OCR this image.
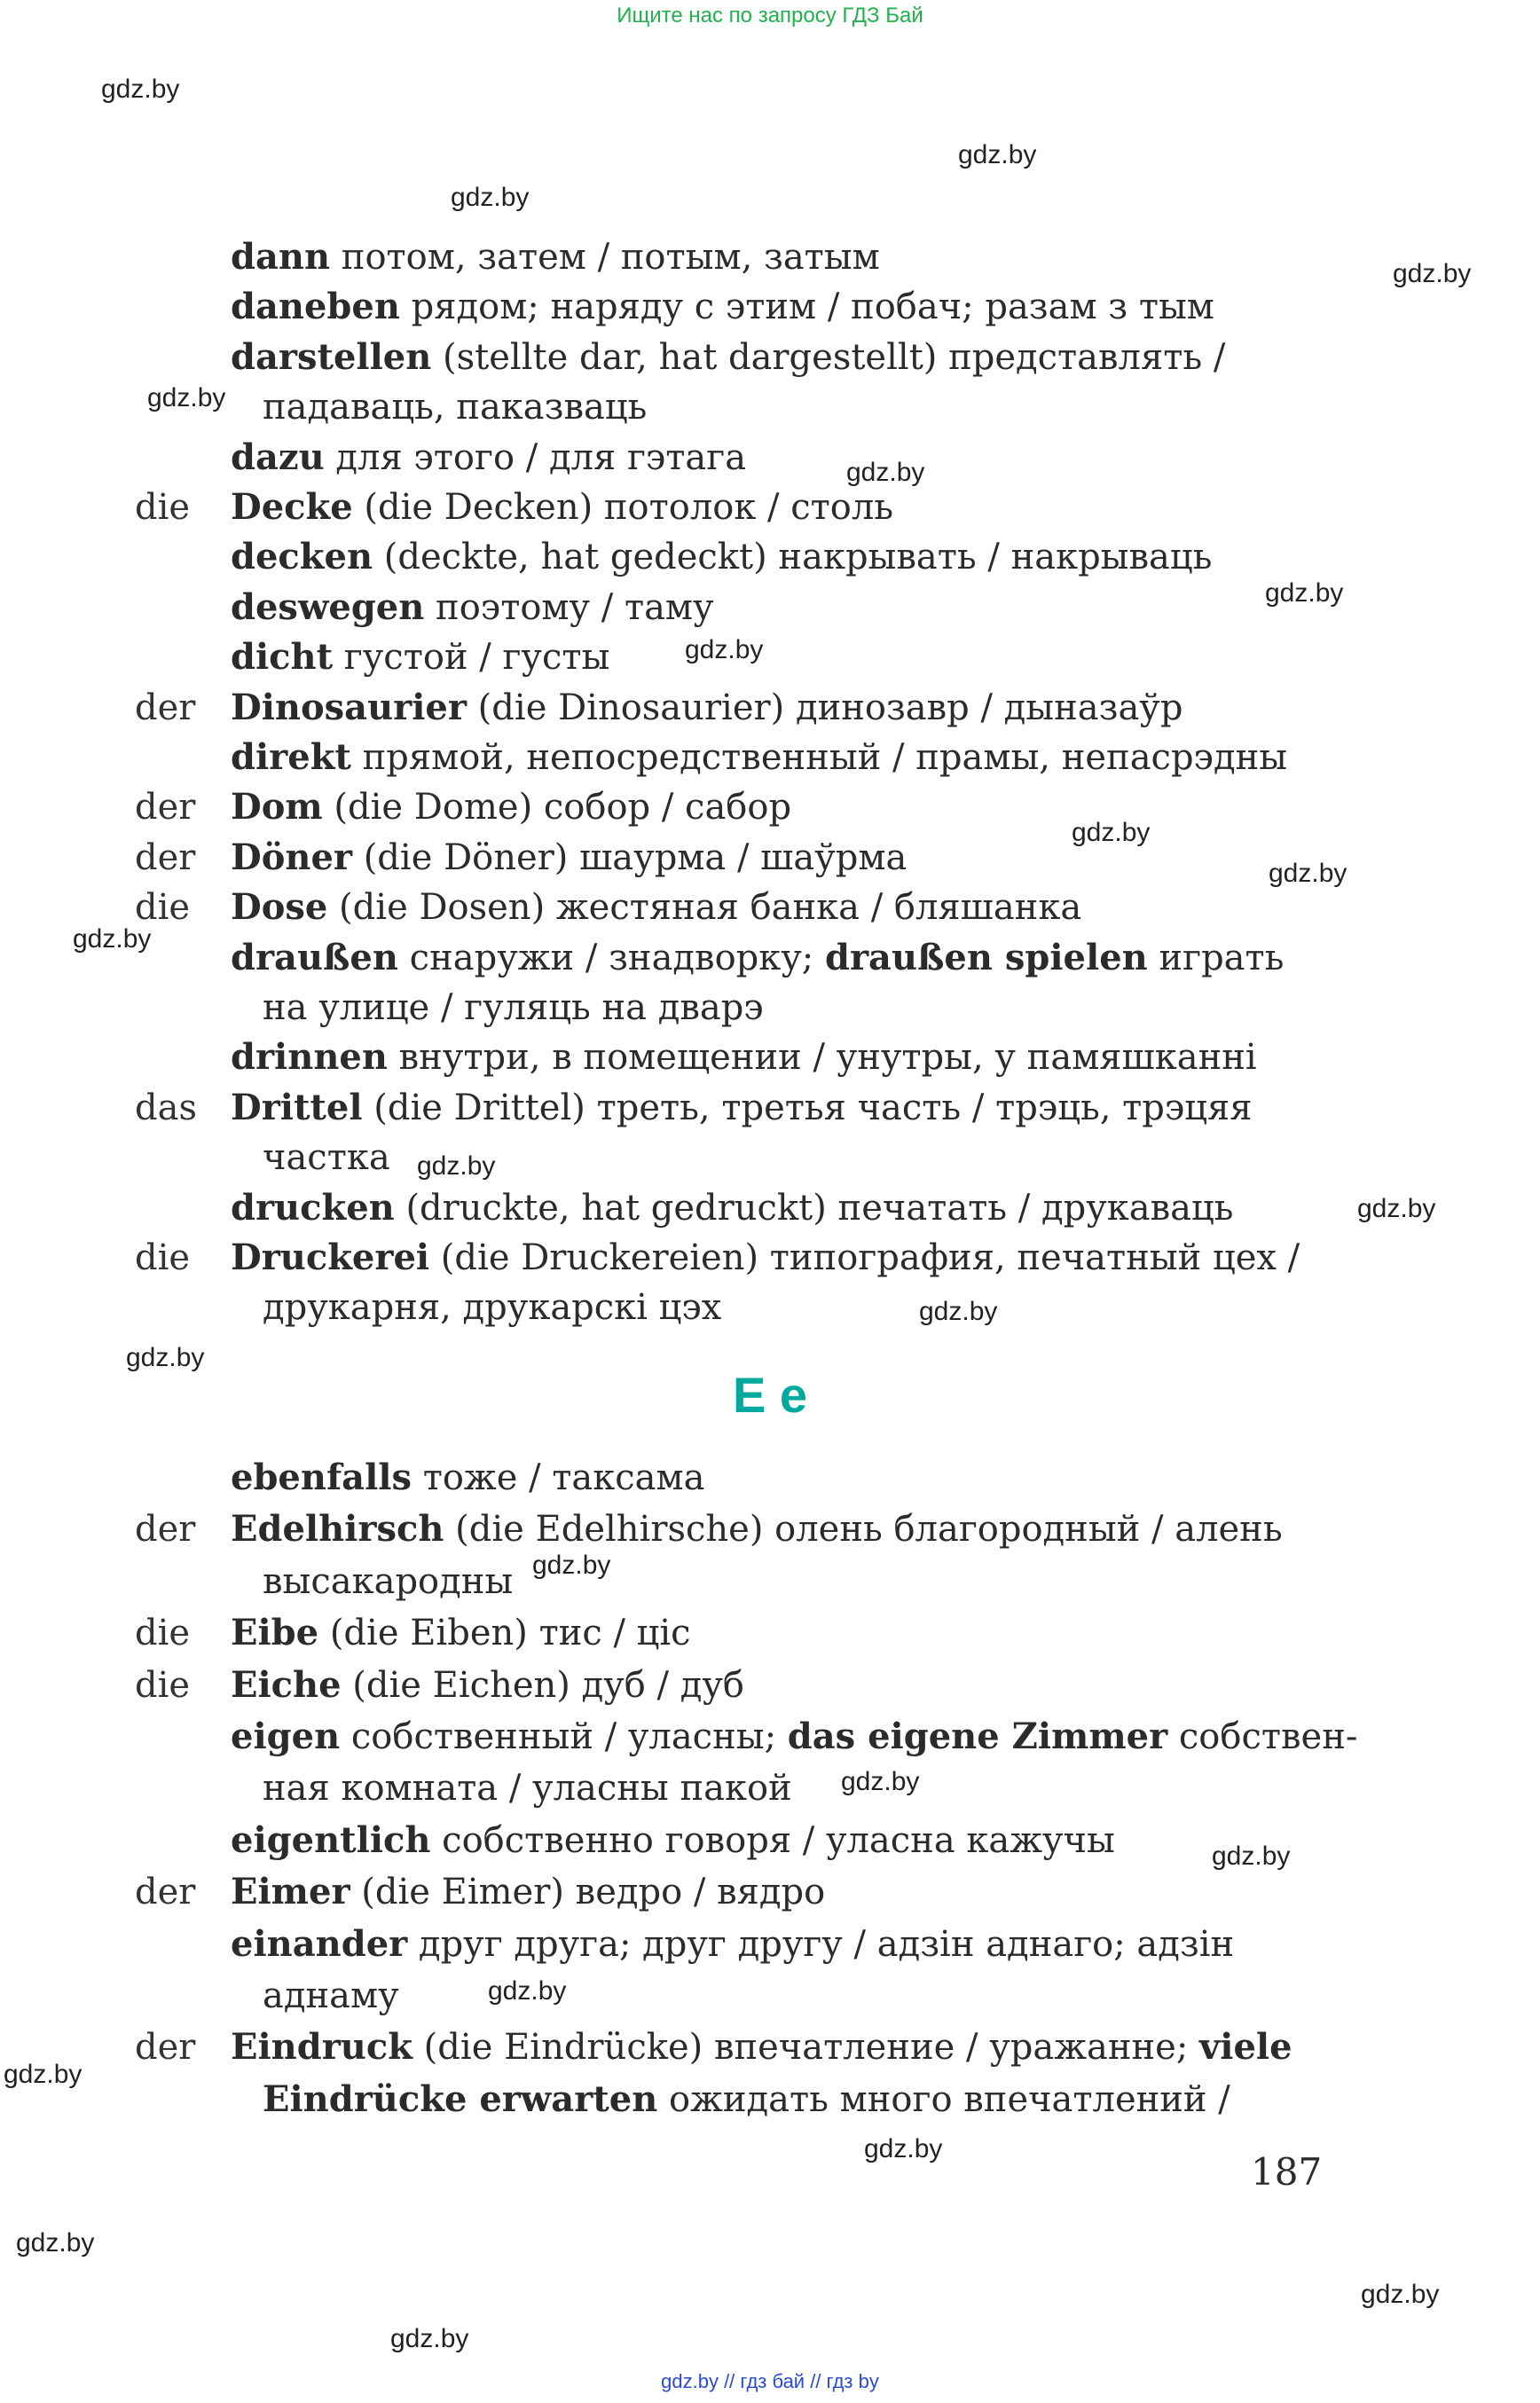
Ищите нас по запросу ГДЗ Бай
gdz.by
gdz.by
gdz.by
gdz.by
gdz.by
gdz.by
gdz.by
gdz.by
gdz.by
gdz.by
gdz.by
gdz.by
gdz.by
gdz.by
gdz.by
gdz.by
gdz.by
gdz.by
gdz.by
gdz.by
gdz.by
gdz.by
gdz.by
gdz.by
dann потом, затем / потым, затым
daneben рядом; наряду с этим / побач; разам з тым
darstellen (stellte dar, hat dargestellt) представлять /
падаваць, паказваць
dazu для этого / для гэтага
die Decke (die Decken) потолок / столь
decken (deckte, hat gedeckt) накрывать / накрываць
deswegen поэтому / таму
dicht густой / густы
der Dinosaurier (die Dinosaurier) динозавр / дыназаўр
direkt прямой, непосредственный / прамы, непасрэдны
der Dom (die Dome) собор / сабор
der Döner (die Döner) шаурма / шаўрма
die Dose (die Dosen) жестяная банка / бляшанка
draußen снаружи / знадворку; draußen spielen играть
на улице / гуляць на дварэ
drinnen внутри, в помещении / унутры, у памяшканні
das Drittel (die Drittel) треть, третья часть / трэць, трэцяя
частка
drucken (druckte, hat gedruckt) печатать / друкаваць
die Druckerei (die Druckereien) типография, печатный цех /
друкарня, друкарскі цэх
ebenfalls тоже / таксама
der Edelhirsch (die Edelhirsche) олень благородный / алень
высакародны
die Eibe (die Eiben) тис / ціс
die Eiche (die Eichen) дуб / дуб
eigen собственный / уласны; das eigene Zimmer собствен-
ная комната / уласны пакой
eigentlich собственно говоря / уласна кажучы
der Eimer (die Eimer) ведро / вядро
einander друг друга; друг другу / адзін аднаго; адзін
аднаму
der Eindruck (die Eindrücke) впечатление / уражанне; viele
Eindrücke erwarten ожидать много впечатлений /
E e
187
gdz.by // гдз бай // гдз by
